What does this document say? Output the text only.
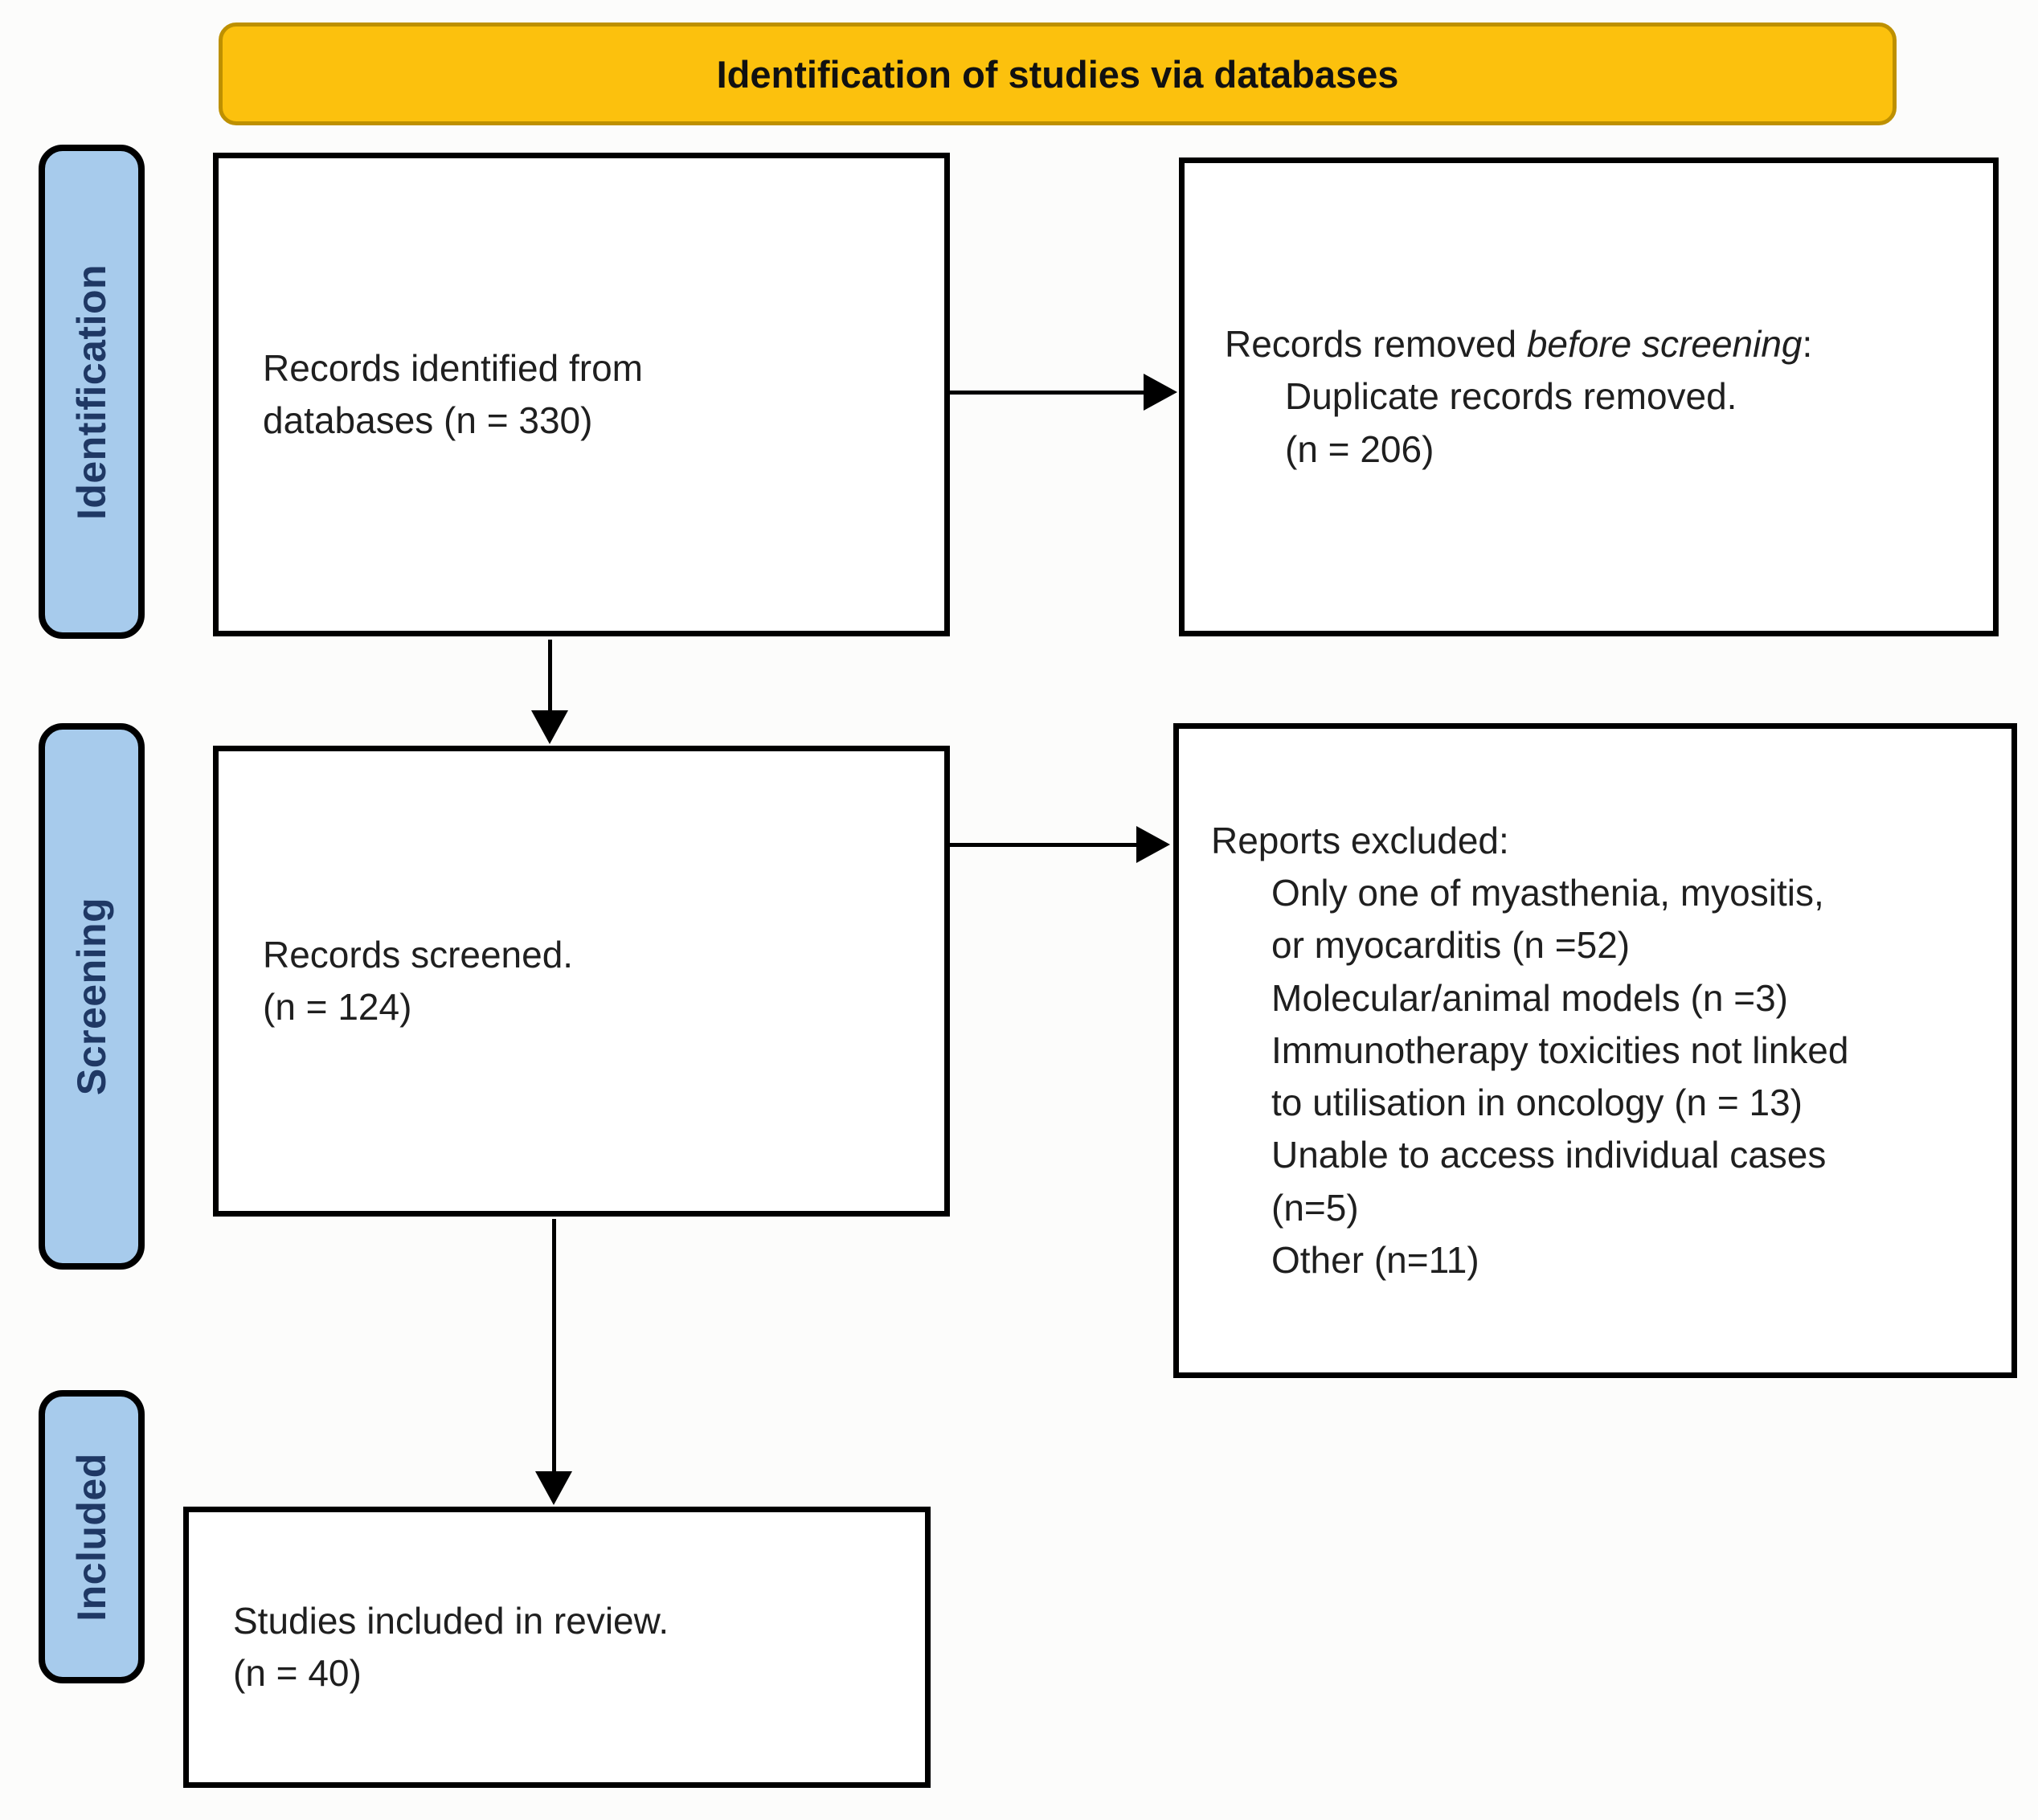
Identification of studies via databases
Identification
Screening
Included
Records identified from
databases (n = 330)
Records removed before screening:
Duplicate records removed.
(n = 206)
Records screened.
(n = 124)
Reports excluded:
Only one of myasthenia, myositis,
or myocarditis (n =52)
Molecular/animal models (n =3)
Immunotherapy toxicities not linked
to utilisation in oncology (n = 13)
Unable to access individual cases
(n=5)
Other (n=11)
Studies included in review.
(n = 40)
